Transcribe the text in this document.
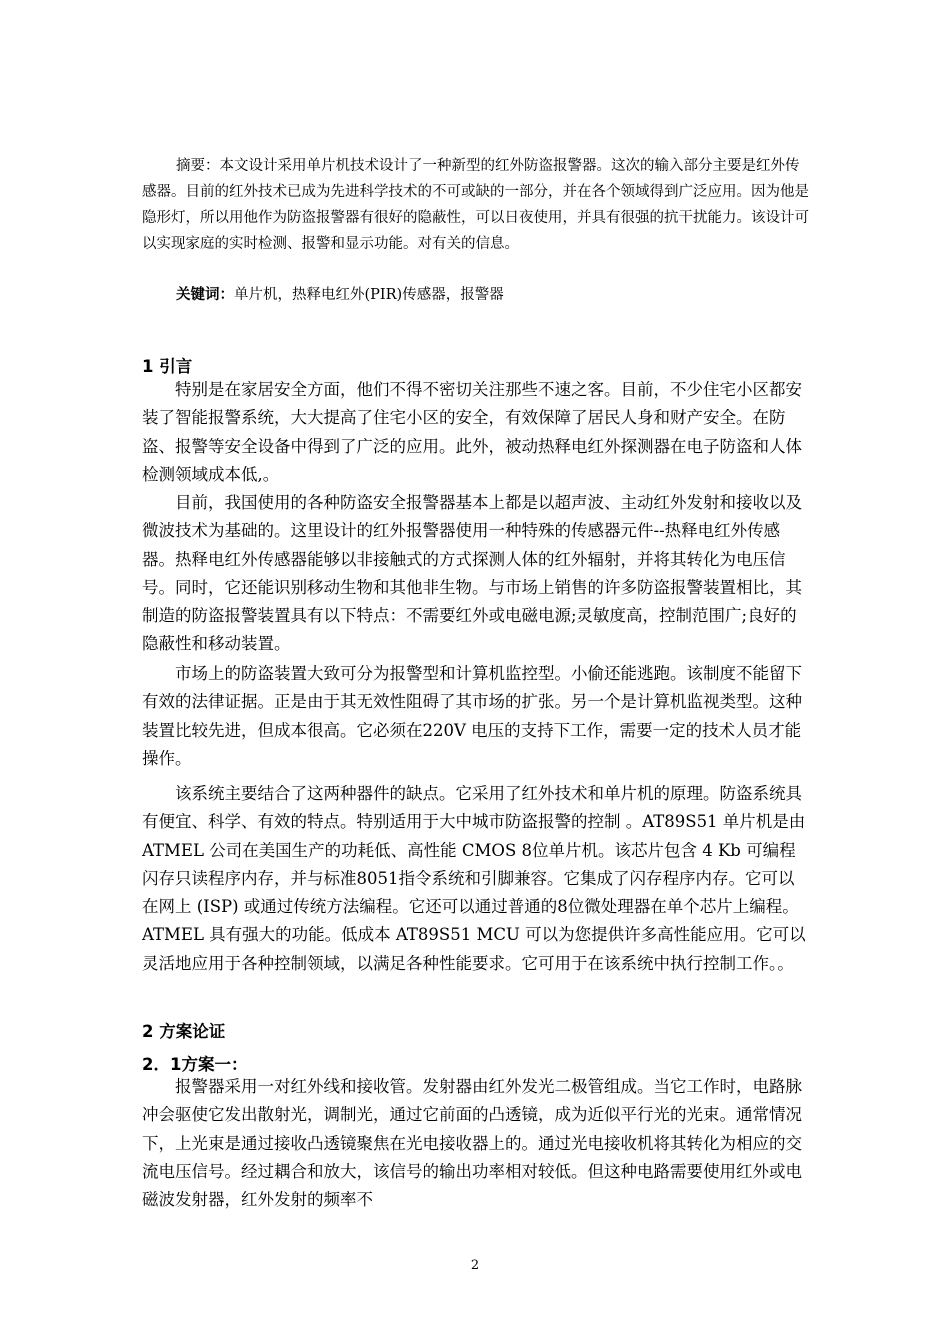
摘要：本文设计采用单片机技术设计了一种新型的红外防盗报警器。这次的输入部分主要是红外传感器。目前的红外技术已成为先进科学技术的不可或缺的一部分，并在各个领域得到广泛应用。因为他是隐形灯，所以用他作为防盗报警器有很好的隐蔽性，可以日夜使用，并具有很强的抗干扰能力。该设计可以实现家庭的实时检测、报警和显示功能。对有关的信息。

关键词：单片机，热释电红外(PIR)传感器，报警器

1 引言

特别是在家居安全方面，他们不得不密切关注那些不速之客。目前，不少住宅小区都安装了智能报警系统，大大提高了住宅小区的安全，有效保障了居民人身和财产安全。在防盗、报警等安全设备中得到了广泛的应用。此外，被动热释电红外探测器在电子防盗和人体检测领域成本低,。

目前，我国使用的各种防盗安全报警器基本上都是以超声波、主动红外发射和接收以及微波技术为基础的。这里设计的红外报警器使用一种特殊的传感器元件--热释电红外传感器。热释电红外传感器能够以非接触式的方式探测人体的红外辐射，并将其转化为电压信号。同时，它还能识别移动生物和其他非生物。与市场上销售的许多防盗报警装置相比，其制造的防盗报警装置具有以下特点：不需要红外或电磁电源;灵敏度高，控制范围广;良好的隐蔽性和移动装置。

市场上的防盗装置大致可分为报警型和计算机监控型。小偷还能逃跑。该制度不能留下有效的法律证据。正是由于其无效性阻碍了其市场的扩张。另一个是计算机监视类型。这种装置比较先进，但成本很高。它必须在220V 电压的支持下工作，需要一定的技术人员才能操作。

该系统主要结合了这两种器件的缺点。它采用了红外技术和单片机的原理。防盗系统具有便宜、科学、有效的特点。特别适用于大中城市防盗报警的控制 。AT89S51 单片机是由 ATMEL 公司在美国生产的功耗低、高性能 CMOS 8位单片机。该芯片包含 4 Kb 可编程闪存只读程序内存，并与标准8051指令系统和引脚兼容。它集成了闪存程序内存。它可以在网上 (ISP) 或通过传统方法编程。它还可以通过普通的8位微处理器在单个芯片上编程。ATMEL 具有强大的功能。低成本 AT89S51 MCU 可以为您提供许多高性能应用。它可以灵活地应用于各种控制领域，以满足各种性能要求。它可用于在该系统中执行控制工作。。

2 方案论证
2．1方案一：

报警器采用一对红外线和接收管。发射器由红外发光二极管组成。当它工作时，电路脉冲会驱使它发出散射光，调制光，通过它前面的凸透镜，成为近似平行光的光束。通常情况下，上光束是通过接收凸透镜聚焦在光电接收器上的。通过光电接收机将其转化为相应的交流电压信号。经过耦合和放大，该信号的输出功率相对较低。但这种电路需要使用红外或电磁波发射器，红外发射的频率不

2
